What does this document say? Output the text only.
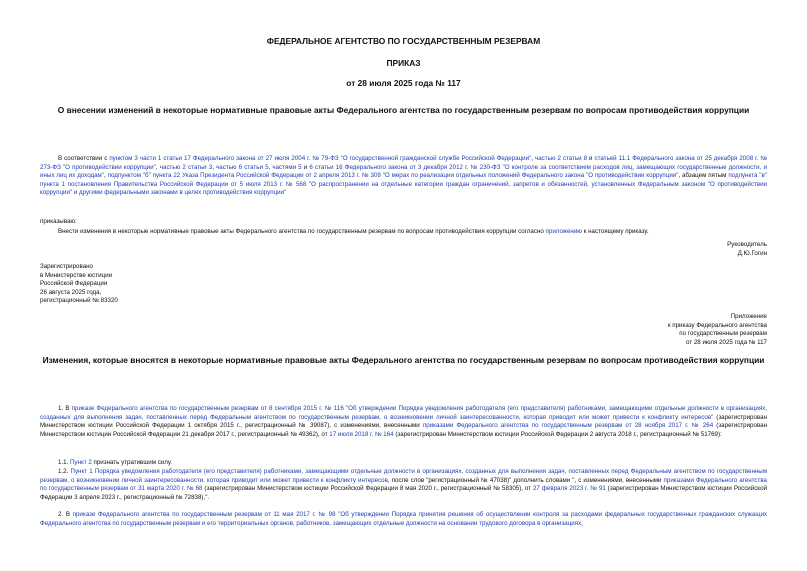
ФЕДЕРАЛЬНОЕ АГЕНТСТВО ПО ГОСУДАРСТВЕННЫМ РЕЗЕРВАМ
ПРИКАЗ
от 28 июля 2025 года № 117
О внесении изменений в некоторые нормативные правовые акты Федерального агентства по государственным резервам по вопросам противодействия коррупции
В соответствии с пунктом 3 части 1 статьи 17 Федерального закона от 27 июля 2004 г. № 79-ФЗ "О государственной гражданской службе Российской Федерации", частью 2 статьи 8 и статьей 11.1 Федерального закона от 25 декабря 2008 г. № 273-ФЗ "О противодействии коррупции", частью 2 статьи 3, частью 6 статьи 5, частями 5 и 6 статьи 16 Федерального закона от 3 декабря 2012 г. № 230-ФЗ "О контроле за соответствием расходов лиц, замещающих государственные должности, и иных лиц их доходам", подпунктом "б" пункта 22 Указа Президента Российской Федерации от 2 апреля 2013 г. № 309 "О мерах по реализации отдельных положений Федерального закона "О противодействии коррупции", абзацем пятым подпункта "в" пункта 1 постановления Правительства Российской Федерации от 5 июля 2013 г. № 568 "О распространении на отдельные категории граждан ограничений, запретов и обязанностей, установленных Федеральным законом "О противодействии коррупции" и другими федеральными законами в целях противодействия коррупции"
приказываю:
Внести изменения в некоторые нормативные правовые акты Федерального агентства по государственным резервам по вопросам противодействия коррупции согласно приложению к настоящему приказу.
Руководитель
Д.Ю.Гогин
Зарегистрировано
в Министерстве юстиции
Российской Федерации
26 августа 2025 года,
регистрационный № 83320
Приложение
к приказу Федерального агентства
по государственным резервам
от 28 июля 2025 года № 117
Изменения, которые вносятся в некоторые нормативные правовые акты Федерального агентства по государственным резервам по вопросам противодействия коррупции
1. В приказе Федерального агентства по государственным резервам от 8 сентября 2015 г. № 116 "Об утверждении Порядка уведомления работодателя (его представителя) работниками, замещающими отдельные должности в организациях, созданных для выполнения задач, поставленных перед Федеральным агентством по государственным резервам, о возникновении личной заинтересованности, которая приводит или может привести к конфликту интересов" (зарегистрирован Министерством юстиции Российской Федерации 1 октября 2015 г., регистрационный № 39087), с изменениями, внесенными приказами Федерального агентства по государственным резервам от 28 ноября 2017 г. № 264 (зарегистрирован Министерством юстиции Российской Федерации 21 декабря 2017 г., регистрационный № 49362), от 17 июля 2018 г. № 164 (зарегистрирован Министерством юстиции Российской Федерации 2 августа 2018 г., регистрационный № 51769):
1.1. Пункт 2 признать утратившим силу.
1.2. Пункт 1 Порядка уведомления работодателя (его представителя) работниками, замещающими отдельные должности в организациях, созданных для выполнения задач, поставленных перед Федеральным агентством по государственным резервам, о возникновении личной заинтересованности, которая приводит или может привести к конфликту интересов, после слов "регистрационный № 47038)" дополнить словами ", с изменениями, внесенными приказами Федерального агентства по государственным резервам от 31 марта 2020 г. № 68 (зарегистрирован Министерством юстиции Российской Федерации 8 мая 2020 г., регистрационный № 58305), от 27 февраля 2023 г. № 91 (зарегистрирован Министерством юстиции Российской Федерации 3 апреля 2023 г., регистрационный № 72838),".
2. В приказе Федерального агентства по государственным резервам от 11 мая 2017 г. № 98 "Об утверждении Порядка принятия решения об осуществлении контроля за расходами федеральных государственных гражданских служащих Федерального агентства по государственным резервам и его территориальных органов, работников, замещающих отдельные должности на основании трудового договора в организациях,
